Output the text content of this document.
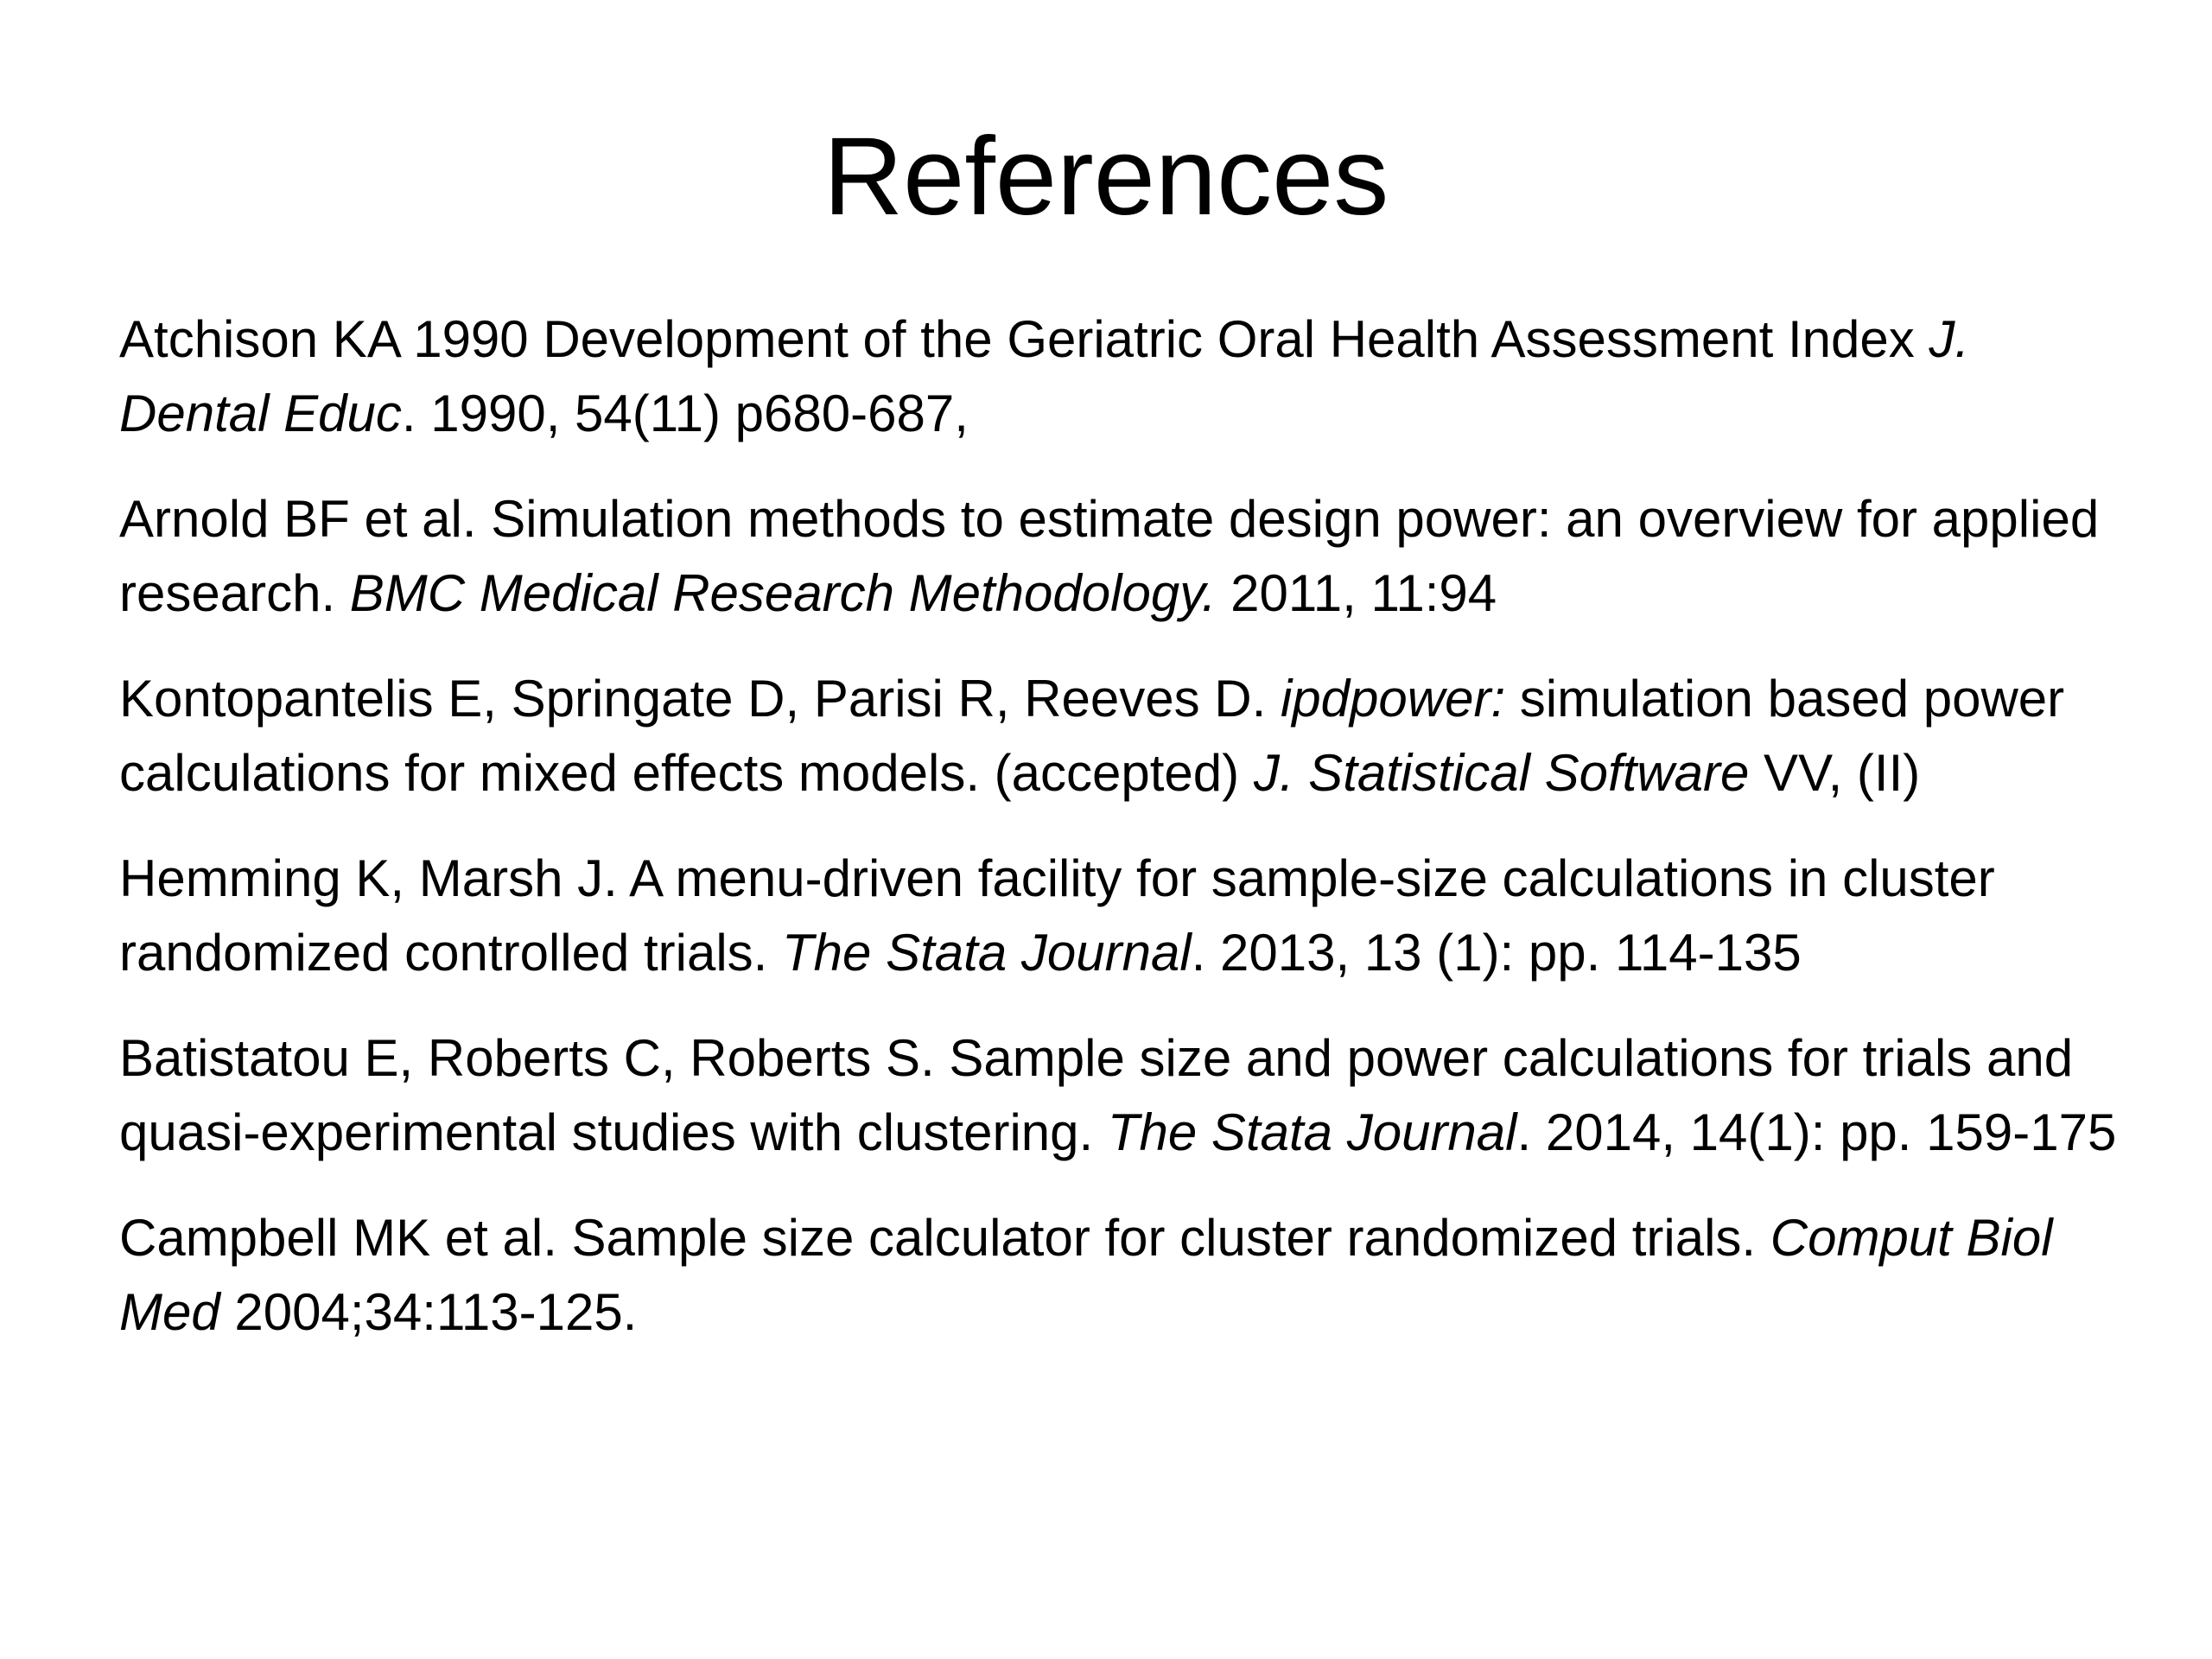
References
Atchison KA 1990 Development of the Geriatric Oral Health Assessment Index J. Dental Educ. 1990, 54(11) p680-687,
Arnold BF et al. Simulation methods to estimate design power: an overview for applied research. BMC Medical Research Methodology. 2011, 11:94
Kontopantelis E, Springate D, Parisi R, Reeves D. ipdpower: simulation based power calculations for mixed effects models. (accepted) J. Statistical Software VV, (II)
Hemming K, Marsh J. A menu-driven facility for sample-size calculations in cluster randomized controlled trials. The Stata Journal. 2013, 13 (1): pp. 114-135
Batistatou E, Roberts C, Roberts S. Sample size and power calculations for trials and quasi-experimental studies with clustering. The Stata Journal. 2014, 14(1): pp. 159-175
Campbell MK et al. Sample size calculator for cluster randomized trials. Comput Biol Med 2004;34:113-125.
